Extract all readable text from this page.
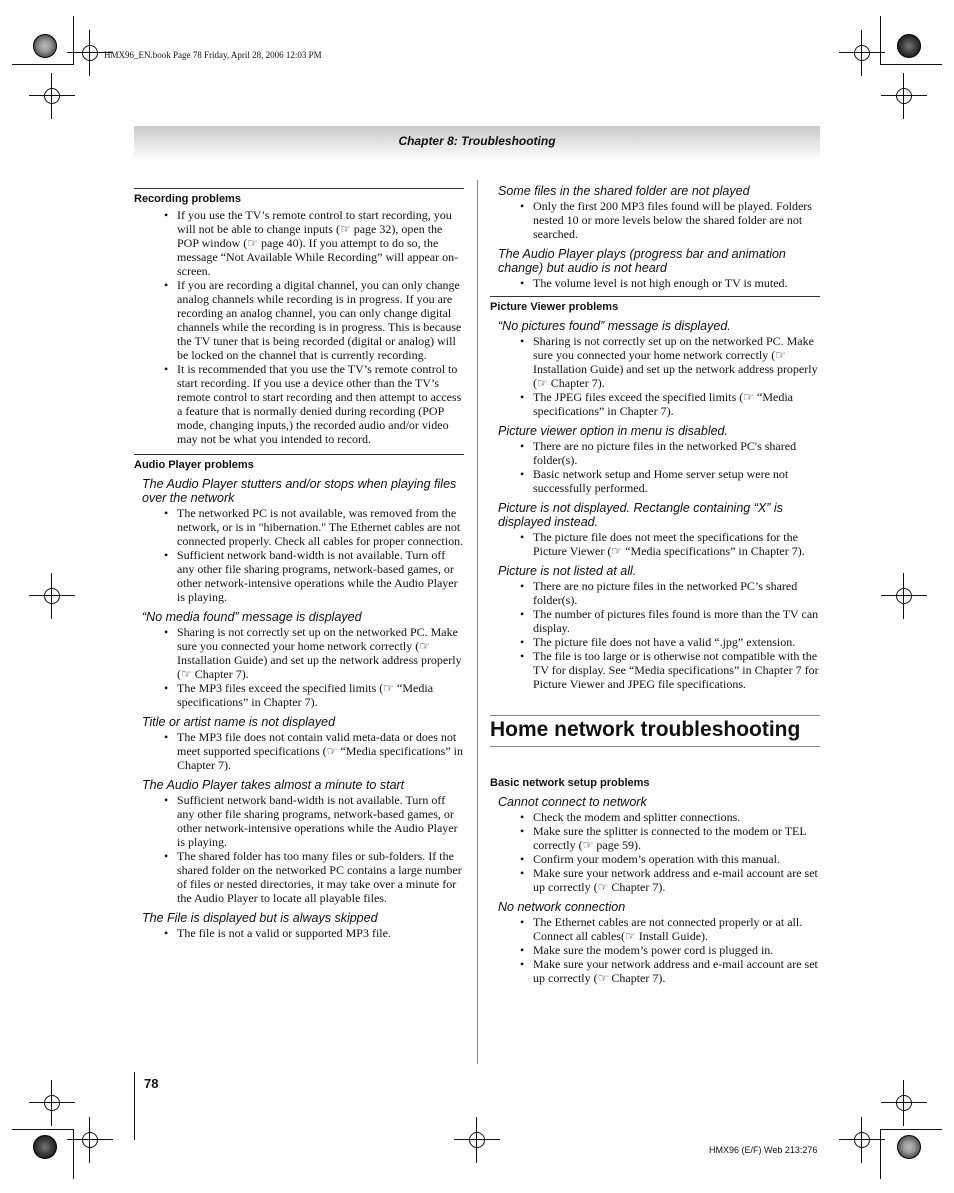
HMX96_EN.book Page 78 Friday, April 28, 2006 12:03 PM
Chapter 8: Troubleshooting
Recording problems
• If you use the TV’s remote control to start recording, you will not be able to change inputs (☞ page 32), open the POP window (☞ page 40). If you attempt to do so, the message “Not Available While Recording” will appear on-screen.
• If you are recording a digital channel, you can only change analog channels while recording is in progress. If you are recording an analog channel, you can only change digital channels while the recording is in progress. This is because the TV tuner that is being recorded (digital or analog) will be locked on the channel that is currently recording.
• It is recommended that you use the TV’s remote control to start recording. If you use a device other than the TV’s remote control to start recording and then attempt to access a feature that is normally denied during recording (POP mode, changing inputs,) the recorded audio and/or video may not be what you intended to record.
Audio Player problems
The Audio Player stutters and/or stops when playing files over the network
• The networked PC is not available, was removed from the network, or is in "hibernation." The Ethernet cables are not connected properly. Check all cables for proper connection.
• Sufficient network band-width is not available. Turn off any other file sharing programs, network-based games, or other network-intensive operations while the Audio Player is playing.
“No media found” message is displayed
• Sharing is not correctly set up on the networked PC. Make sure you connected your home network correctly (☞ Installation Guide) and set up the network address properly (☞ Chapter 7).
• The MP3 files exceed the specified limits (☞ “Media specifications” in Chapter 7).
Title or artist name is not displayed
• The MP3 file does not contain valid meta-data or does not meet supported specifications (☞ “Media specifications” in Chapter 7).
The Audio Player takes almost a minute to start
• Sufficient network band-width is not available. Turn off any other file sharing programs, network-based games, or other network-intensive operations while the Audio Player is playing.
• The shared folder has too many files or sub-folders. If the shared folder on the networked PC contains a large number of files or nested directories, it may take over a minute for the Audio Player to locate all playable files.
The File is displayed but is always skipped
• The file is not a valid or supported MP3 file.
Some files in the shared folder are not played
• Only the first 200 MP3 files found will be played. Folders nested 10 or more levels below the shared folder are not searched.
The Audio Player plays (progress bar and animation change) but audio is not heard
• The volume level is not high enough or TV is muted.
Picture Viewer problems
“No pictures found” message is displayed.
• Sharing is not correctly set up on the networked PC. Make sure you connected your home network correctly (☞ Installation Guide) and set up the network address properly (☞ Chapter 7).
• The JPEG files exceed the specified limits (☞ “Media specifications” in Chapter 7).
Picture viewer option in menu is disabled.
• There are no picture files in the networked PC's shared folder(s).
• Basic network setup and Home server setup were not successfully performed.
Picture is not displayed. Rectangle containing “X” is displayed instead.
• The picture file does not meet the specifications for the Picture Viewer (☞ “Media specifications” in Chapter 7).
Picture is not listed at all.
• There are no picture files in the networked PC’s shared folder(s).
• The number of pictures files found is more than the TV can display.
• The picture file does not have a valid “.jpg” extension.
• The file is too large or is otherwise not compatible with the TV for display. See “Media specifications” in Chapter 7 for Picture Viewer and JPEG file specifications.
Home network troubleshooting
Basic network setup problems
Cannot connect to network
• Check the modem and splitter connections.
• Make sure the splitter is connected to the modem or TEL correctly (☞ page 59).
• Confirm your modem’s operation with this manual.
• Make sure your network address and e-mail account are set up correctly (☞ Chapter 7).
No network connection
• The Ethernet cables are not connected properly or at all. Connect all cables(☞ Install Guide).
• Make sure the modem’s power cord is plugged in.
• Make sure your network address and e-mail account are set up correctly (☞ Chapter 7).
78
HMX96 (E/F) Web 213:276
